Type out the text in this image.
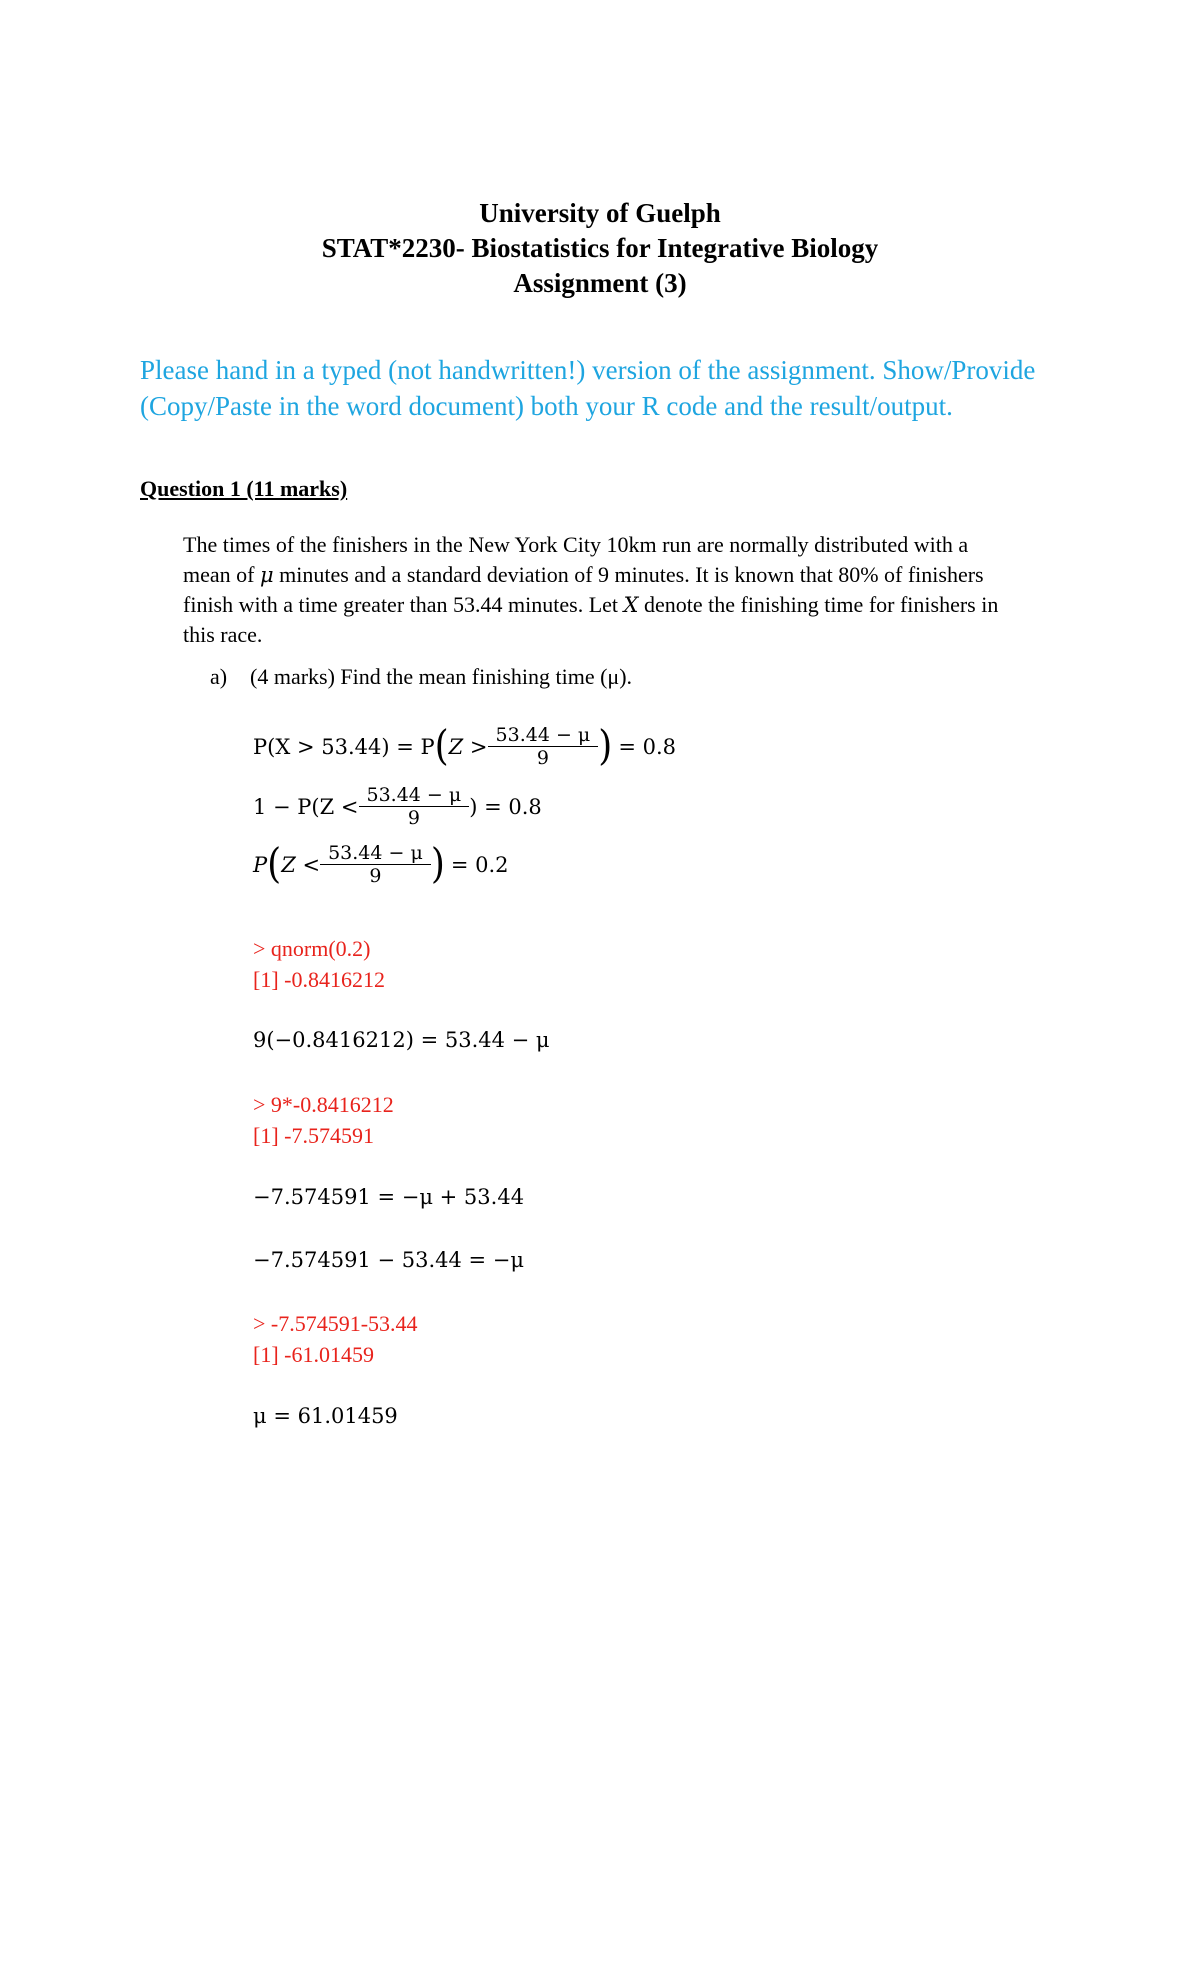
University of Guelph
STAT*2230- Biostatistics for Integrative Biology
Assignment (3)
Please hand in a typed (not handwritten!) version of the assignment. Show/Provide
(Copy/Paste in the word document) both your R code and the result/output.
Question 1 (11 marks)
The times of the finishers in the New York City 10km run are normally distributed with a
mean of μ minutes and a standard deviation of 9 minutes. It is known that 80% of finishers
finish with a time greater than 53.44 minutes. Let X denote the finishing time for finishers in
this race.
a) (4 marks) Find the mean finishing time (μ).
P(X > 53.44) = P ( $Z > \frac{53.44 - \mu}{9}$ ) = 0.8
$1 - P(Z < \frac{53.44 - \mu}{9}$ ) = 0.8
P ( $Z < \frac{53.44 - \mu}{9}$ ) = 0.2
> qnorm(0.2)
[1] -0.8416212
9(−0.8416212) = 53.44 − μ
> 9*-0.8416212
[1] -7.574591
−7.574591 = −μ + 53.44
−7.574591 − 53.44 = −μ
> -7.574591-53.44
[1] -61.01459
μ = 61.01459
